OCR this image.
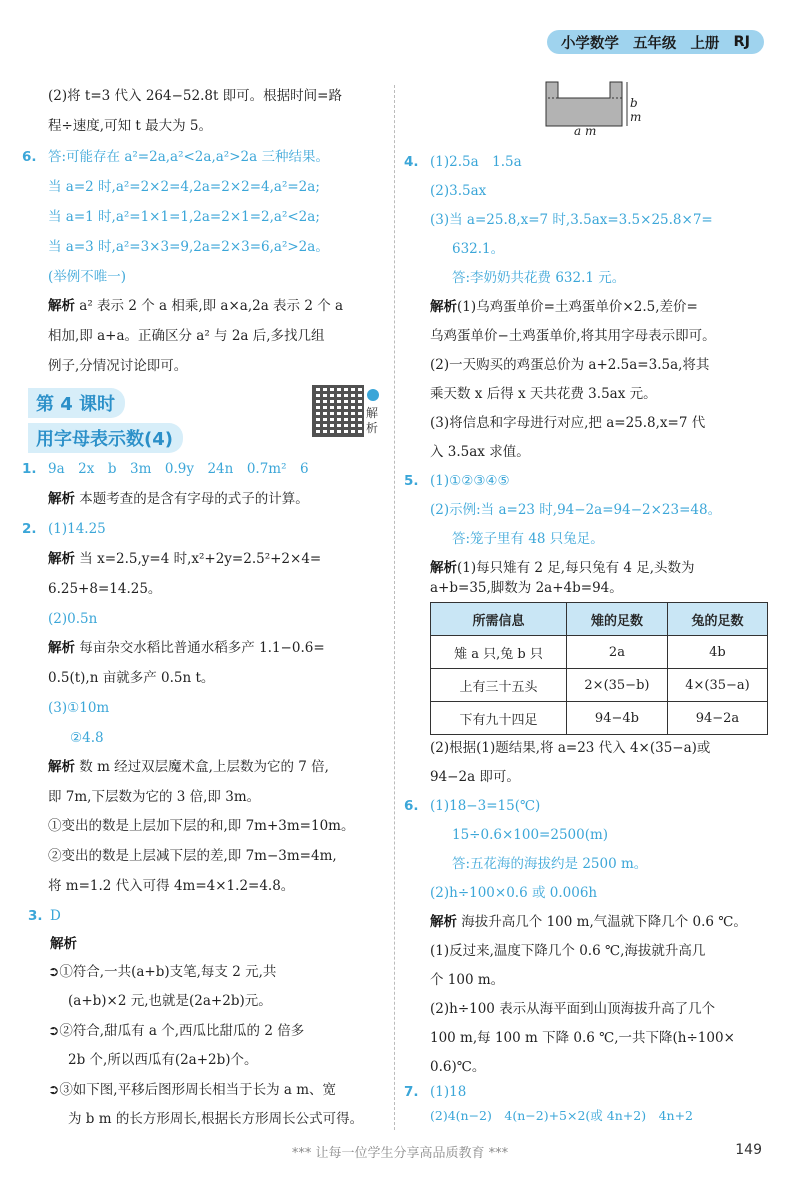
小学数学 五年级 上册 RJ
(2)将 t=3 代入 264−52.8t 即可。根据时间=路
程÷速度,可知 t 最大为 5。
6. 答:可能存在 a²=2a,a²<2a,a²>2a 三种结果。
当 a=2 时,a²=2×2=4,2a=2×2=4,a²=2a;
当 a=1 时,a²=1×1=1,2a=2×1=2,a²<2a;
当 a=3 时,a²=3×3=9,2a=2×3=6,a²>2a。
(举例不唯一)
解析 a² 表示 2 个 a 相乘,即 a×a,2a 表示 2 个 a
相加,即 a+a。正确区分 a² 与 2a 后,多找几组
例子,分情况讨论即可。
第 4 课时
用字母表示数(4)
解析
1. 9a　2x　b　3m　0.9y　24n　0.7m²　6
解析 本题考查的是含有字母的式子的计算。
2. (1)14.25
解析 当 x=2.5,y=4 时,x²+2y=2.5²+2×4=
6.25+8=14.25。
(2)0.5n
解析 每亩杂交水稻比普通水稻多产 1.1−0.6=
0.5(t),n 亩就多产 0.5n t。
(3)①10m
②4.8
解析 数 m 经过双层魔术盒,上层数为它的 7 倍,
即 7m,下层数为它的 3 倍,即 3m。
①变出的数是上层加下层的和,即 7m+3m=10m。
②变出的数是上层减下层的差,即 7m−3m=4m,
将 m=1.2 代入可得 4m=4×1.2=4.8。
3. D
解析
➲①符合,一共(a+b)支笔,每支 2 元,共
(a+b)×2 元,也就是(2a+2b)元。
➲②符合,甜瓜有 a 个,西瓜比甜瓜的 2 倍多
2b 个,所以西瓜有(2a+2b)个。
➲③如下图,平移后图形周长相当于长为 a m、宽
为 b m 的长方形周长,根据长方形周长公式可得。
b m
a m
4. (1)2.5a　1.5a
(2)3.5ax
(3)当 a=25.8,x=7 时,3.5ax=3.5×25.8×7=
632.1。
答:李奶奶共花费 632.1 元。
解析(1)乌鸡蛋单价=土鸡蛋单价×2.5,差价=
乌鸡蛋单价−土鸡蛋单价,将其用字母表示即可。
(2)一天购买的鸡蛋总价为 a+2.5a=3.5a,将其
乘天数 x 后得 x 天共花费 3.5ax 元。
(3)将信息和字母进行对应,把 a=25.8,x=7 代
入 3.5ax 求值。
5. (1)①②③④⑤
(2)示例:当 a=23 时,94−2a=94−2×23=48。
答:笼子里有 48 只兔足。
解析(1)每只雉有 2 足,每只兔有 4 足,头数为
a+b=35,脚数为 2a+4b=94。
所需信息	雉的足数	兔的足数
雉 a 只,兔 b 只	2a	4b
上有三十五头	2×(35−b)	4×(35−a)
下有九十四足	94−4b	94−2a
(2)根据(1)题结果,将 a=23 代入 4×(35−a)或
94−2a 即可。
6. (1)18−3=15(℃)
15÷0.6×100=2500(m)
答:五花海的海拔约是 2500 m。
(2)h÷100×0.6 或 0.006h
解析 海拔升高几个 100 m,气温就下降几个 0.6 ℃。
(1)反过来,温度下降几个 0.6 ℃,海拔就升高几
个 100 m。
(2)h÷100 表示从海平面到山顶海拔升高了几个
100 m,每 100 m 下降 0.6 ℃,一共下降(h÷100×
0.6)℃。
7. (1)18
(2)4(n−2)　4(n−2)+5×2(或 4n+2)　4n+2
*** 让每一位学生分享高品质教育 ***	149
